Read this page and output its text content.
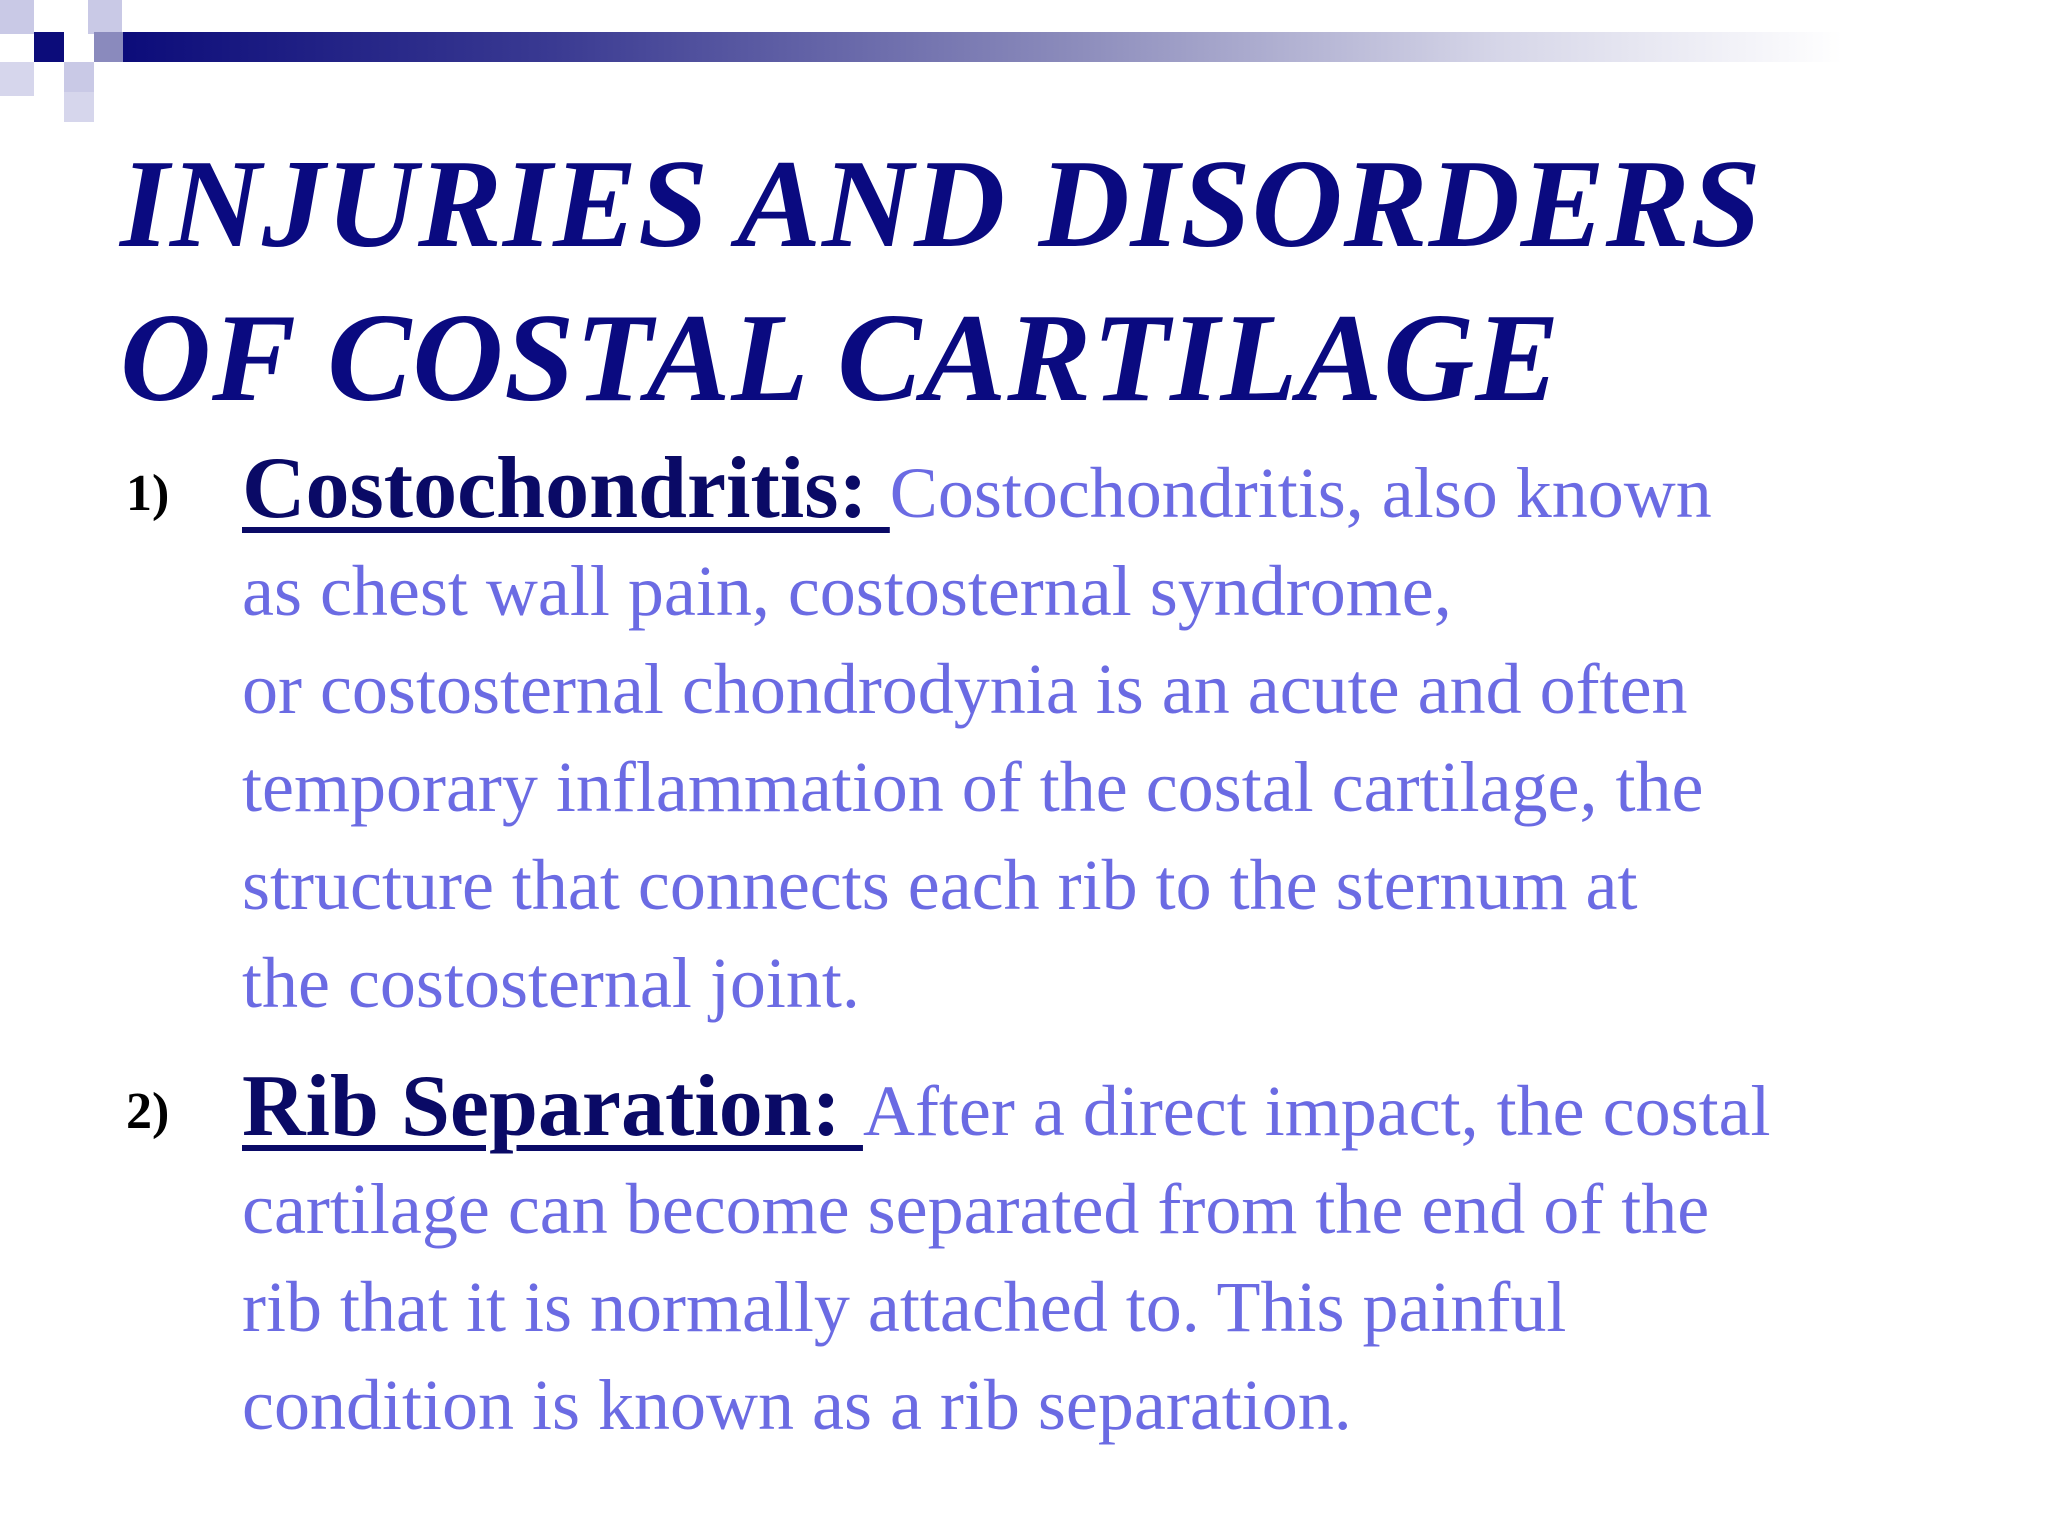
INJURIES AND DISORDERS
OF COSTAL CARTILAGE
1) Costochondritis: Costochondritis, also known
as chest wall pain, costosternal syndrome,
or costosternal chondrodynia is an acute and often
temporary inflammation of the costal cartilage, the
structure that connects each rib to the sternum at
the costosternal joint.
2) Rib Separation: After a direct impact, the costal
cartilage can become separated from the end of the
rib that it is normally attached to. This painful
condition is known as a rib separation.
